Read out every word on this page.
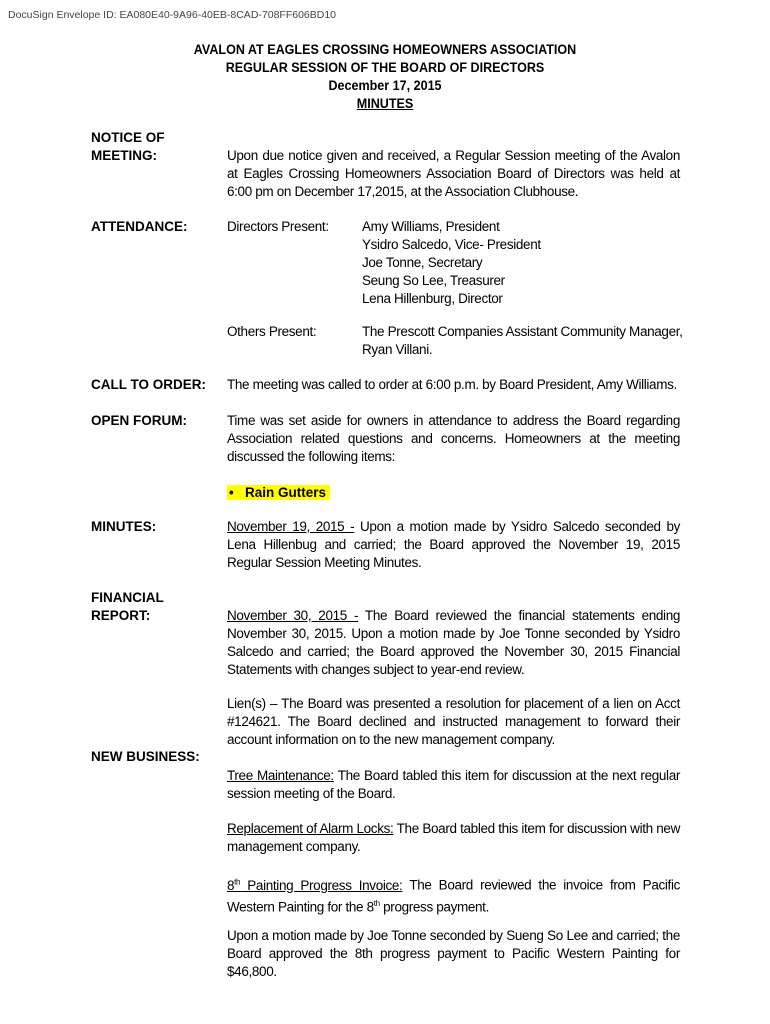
DocuSign Envelope ID: EA080E40-9A96-40EB-8CAD-708FF606BD10
AVALON AT EAGLES CROSSING HOMEOWNERS ASSOCIATION
REGULAR SESSION OF THE BOARD OF DIRECTORS
December 17, 2015
MINUTES
NOTICE OF
MEETING:	Upon due notice given and received, a Regular Session meeting of the Avalon at Eagles Crossing Homeowners Association Board of Directors was held at 6:00 pm on December 17,2015, at the Association Clubhouse.
ATTENDANCE:	Directors Present: Amy Williams, President
Ysidro Salcedo, Vice- President
Joe Tonne, Secretary
Seung So Lee, Treasurer
Lena Hillenburg, Director
Others Present:	The Prescott Companies Assistant Community Manager,
Ryan Villani.
CALL TO ORDER: The meeting was called to order at 6:00 p.m. by Board President, Amy Williams.
OPEN FORUM:	Time was set aside for owners in attendance to address the Board regarding Association related questions and concerns. Homeowners at the meeting discussed the following items:
• Rain Gutters
MINUTES:	November 19, 2015 - Upon a motion made by Ysidro Salcedo seconded by Lena Hillenbug and carried; the Board approved the November 19, 2015 Regular Session Meeting Minutes.
FINANCIAL
REPORT:	November 30, 2015 - The Board reviewed the financial statements ending November 30, 2015. Upon a motion made by Joe Tonne seconded by Ysidro Salcedo and carried; the Board approved the November 30, 2015 Financial Statements with changes subject to year-end review.
Lien(s) – The Board was presented a resolution for placement of a lien on Acct #124621. The Board declined and instructed management to forward their account information on to the new management company.
NEW BUSINESS:
Tree Maintenance: The Board tabled this item for discussion at the next regular session meeting of the Board.
Replacement of Alarm Locks: The Board tabled this item for discussion with new management company.
8th Painting Progress Invoice: The Board reviewed the invoice from Pacific Western Painting for the 8th progress payment.
Upon a motion made by Joe Tonne seconded by Sueng So Lee and carried; the Board approved the 8th progress payment to Pacific Western Painting for $46,800.
